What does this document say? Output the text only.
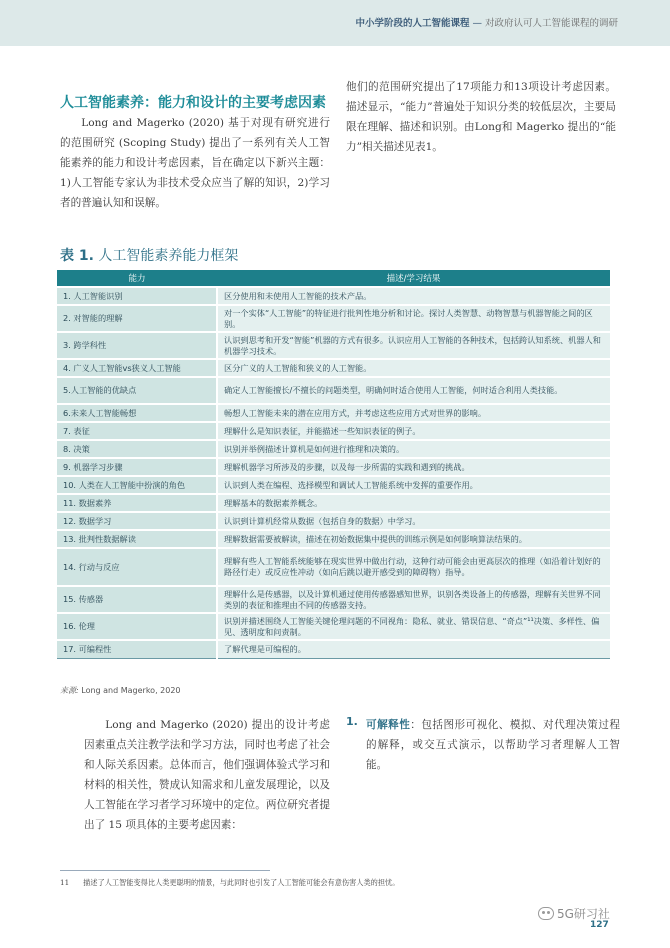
中小学阶段的人工智能课程 — 对政府认可人工智能课程的调研
人工智能素养：能力和设计的主要考虑因素
Long and Magerko (2020) 基于对现有研究进行的范围研究 (Scoping Study) 提出了一系列有关人工智能素养的能力和设计考虑因素，旨在确定以下新兴主题：1)人工智能专家认为非技术受众应当了解的知识，2)学习者的普遍认知和误解。
他们的范围研究提出了17项能力和13项设计考虑因素。描述显示，“能力”普遍处于知识分类的较低层次，主要局限在理解、描述和识别。由Long和 Magerko 提出的“能力”相关描述见表1。
表 1. 人工智能素养能力框架
能力	描述/学习结果
1. 人工智能识别	区分使用和未使用人工智能的技术产品。
2. 对智能的理解	对一个实体“人工智能”的特征进行批判性地分析和讨论。探讨人类智慧、动物智慧与机器智能之间的区别。
3. 跨学科性	认识到思考和开发“智能”机器的方式有很多。认识应用人工智能的各种技术，包括跨认知系统、机器人和机器学习技术。
4. 广义人工智能vs狭义人工智能	区分广义的人工智能和狭义的人工智能。
5.人工智能的优缺点	确定人工智能擅长/不擅长的问题类型，明确何时适合使用人工智能，何时适合利用人类技能。
6.未来人工智能畅想	畅想人工智能未来的潜在应用方式，并考虑这些应用方式对世界的影响。
7. 表征	理解什么是知识表征，并能描述一些知识表征的例子。
8. 决策	识别并举例描述计算机是如何进行推理和决策的。
9. 机器学习步骤	理解机器学习所涉及的步骤，以及每一步所需的实践和遇到的挑战。
10. 人类在人工智能中扮演的角色	认识到人类在编程、选择模型和调试人工智能系统中发挥的重要作用。
11. 数据素养	理解基本的数据素养概念。
12. 数据学习	认识到计算机经常从数据（包括自身的数据）中学习。
13. 批判性数据解读	理解数据需要被解读，描述在初始数据集中提供的训练示例是如何影响算法结果的。
14. 行动与反应	理解有些人工智能系统能够在现实世界中做出行动，这种行动可能会由更高层次的推理（如沿着计划好的路径行走）或反应性冲动（如向后跳以避开感受到的障碍物）指导。
15. 传感器	理解什么是传感器，以及计算机通过使用传感器感知世界，识别各类设备上的传感器，理解有关世界不同类别的表征和推理由不同的传感器支持。
16. 伦理	识别并描述围绕人工智能关键伦理问题的不同视角：隐私、就业、错误信息、“奇点”¹¹决策、多样性、偏见、透明度和问责制。
17. 可编程性	了解代理是可编程的。
来源: Long and Magerko, 2020
Long and Magerko (2020) 提出的设计考虑因素重点关注教学法和学习方法，同时也考虑了社会和人际关系因素。总体而言，他们强调体验式学习和材料的相关性，赞成认知需求和儿童发展理论，以及人工智能在学习者学习环境中的定位。两位研究者提出了 15 项具体的主要考虑因素：
1. 可解释性：包括图形可视化、模拟、对代理决策过程的解释，或交互式演示，以帮助学习者理解人工智能。
11 描述了人工智能变得比人类更聪明的情景，与此同时也引发了人工智能可能会有意伤害人类的担忧。
5G研习社
127
